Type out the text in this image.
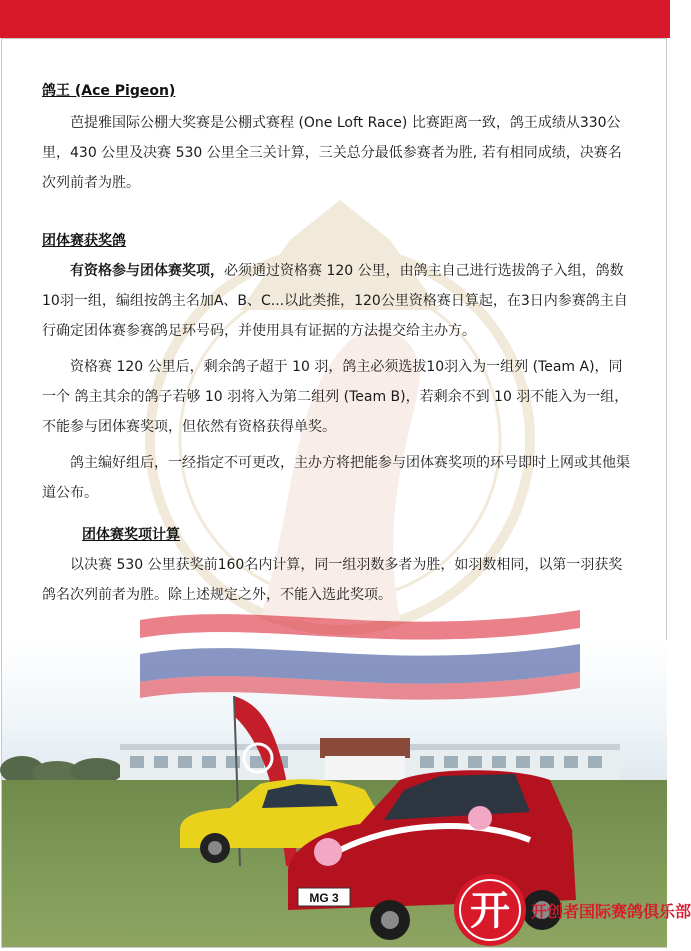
MG 3
鸽王 (Ace Pigeon)
芭提雅国际公棚大奖赛是公棚式赛程 (One Loft Race) 比赛距离一致，鸽王成绩从330公里，430 公里及决赛 530 公里全三关计算，三关总分最低参赛者为胜, 若有相同成绩，决赛名次列前者为胜。
团体赛获奖鸽
有资格参与团体赛奖项，必须通过资格赛 120 公里，由鸽主自己进行选拔鸽子入组，鸽数10羽一组，编组按鸽主名加A、B、C...以此类推，120公里资格赛日算起，在3日内参赛鸽主自行确定团体赛参赛鸽足环号码，并使用具有证据的方法提交给主办方。
资格赛 120 公里后，剩余鸽子超于 10 羽，鸽主必须选拔10羽入为一组列 (Team A)，同一个 鸽主其余的鸽子若够 10 羽将入为第二组列 (Team B)，若剩余不到 10 羽不能入为一组，不能参与团体赛奖项，但依然有资格获得单奖。
鸽主编好组后，一经指定不可更改，主办方将把能参与团体赛奖项的环号即时上网或其他渠道公布。
团体赛奖项计算
以决赛 530 公里获奖前160名内计算，同一组羽数多者为胜，如羽数相同，以第一羽获奖鸽名次列前者为胜。除上述规定之外，不能入选此奖项。
开 开创者国际赛鸽俱乐部
